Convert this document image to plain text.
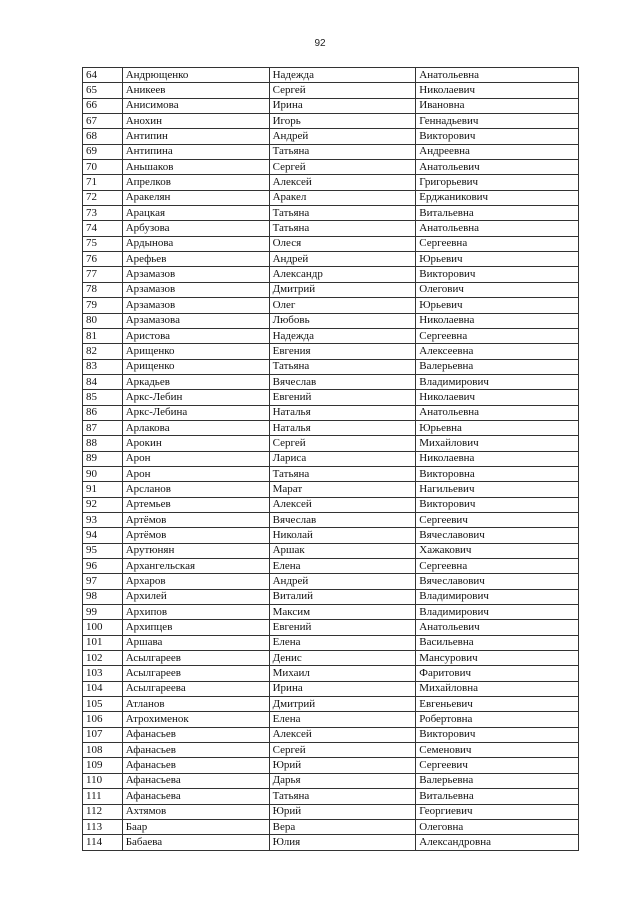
92
64	Андрющенко	Надежда	Анатольевна
65	Аникеев	Сергей	Николаевич
66	Анисимова	Ирина	Ивановна
67	Анохин	Игорь	Геннадьевич
68	Антипин	Андрей	Викторович
69	Антипина	Татьяна	Андреевна
70	Аньшаков	Сергей	Анатольевич
71	Апрелков	Алексей	Григорьевич
72	Аракелян	Аракел	Ерджаникович
73	Арацкая	Татьяна	Витальевна
74	Арбузова	Татьяна	Анатольевна
75	Ардынова	Олеся	Сергеевна
76	Арефьев	Андрей	Юрьевич
77	Арзамазов	Александр	Викторович
78	Арзамазов	Дмитрий	Олегович
79	Арзамазов	Олег	Юрьевич
80	Арзамазова	Любовь	Николаевна
81	Аристова	Надежда	Сергеевна
82	Арищенко	Евгения	Алексеевна
83	Арищенко	Татьяна	Валерьевна
84	Аркадьев	Вячеслав	Владимирович
85	Аркс-Лебин	Евгений	Николаевич
86	Аркс-Лебина	Наталья	Анатольевна
87	Арлакова	Наталья	Юрьевна
88	Арокин	Сергей	Михайлович
89	Арон	Лариса	Николаевна
90	Арон	Татьяна	Викторовна
91	Арсланов	Марат	Нагильевич
92	Артемьев	Алексей	Викторович
93	Артёмов	Вячеслав	Сергеевич
94	Артёмов	Николай	Вячеславович
95	Арутюнян	Аршак	Хажакович
96	Архангельская	Елена	Сергеевна
97	Архаров	Андрей	Вячеславович
98	Архилей	Виталий	Владимирович
99	Архипов	Максим	Владимирович
100	Архипцев	Евгений	Анатольевич
101	Аршава	Елена	Васильевна
102	Асылгареев	Денис	Мансурович
103	Асылгареев	Михаил	Фаритович
104	Асылгареева	Ирина	Михайловна
105	Атланов	Дмитрий	Евгеньевич
106	Атрохименок	Елена	Робертовна
107	Афанасьев	Алексей	Викторович
108	Афанасьев	Сергей	Семенович
109	Афанасьев	Юрий	Сергеевич
110	Афанасьева	Дарья	Валерьевна
111	Афанасьева	Татьяна	Витальевна
112	Ахтямов	Юрий	Георгиевич
113	Баар	Вера	Олеговна
114	Бабаева	Юлия	Александровна
